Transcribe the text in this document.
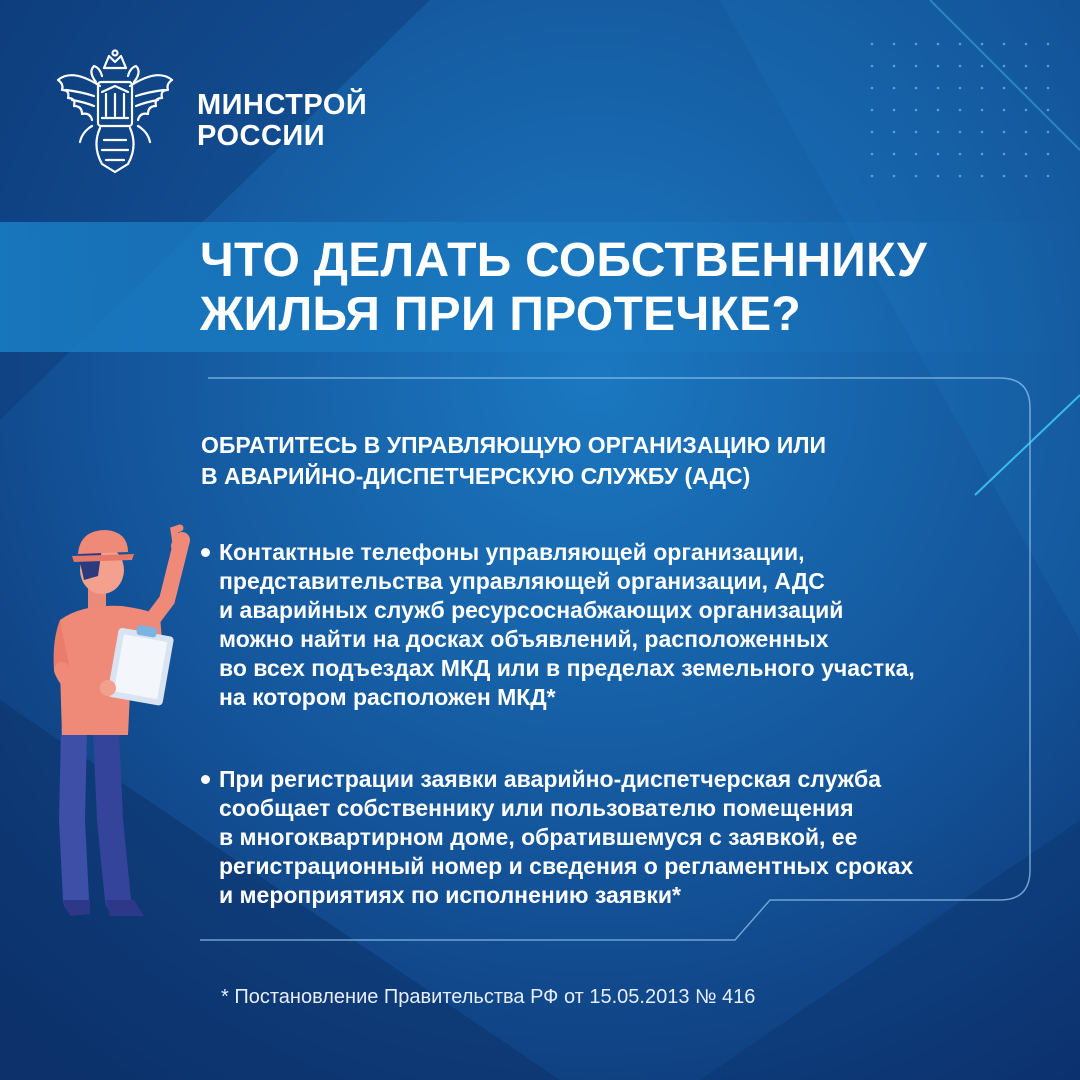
МИНСТРОЙ
РОССИИ
ЧТО ДЕЛАТЬ СОБСТВЕННИКУ
ЖИЛЬЯ ПРИ ПРОТЕЧКЕ?
ОБРАТИТЕСЬ В УПРАВЛЯЮЩУЮ ОРГАНИЗАЦИЮ ИЛИ
В АВАРИЙНО-ДИСПЕТЧЕРСКУЮ СЛУЖБУ (АДС)
Контактные телефоны управляющей организации,
представительства управляющей организации, АДС
и аварийных служб ресурсоснабжающих организаций
можно найти на досках объявлений, расположенных
во всех подъездах МКД или в пределах земельного участка,
на котором расположен МКД*
При регистрации заявки аварийно-диспетчерская служба
сообщает собственнику или пользователю помещения
в многоквартирном доме, обратившемуся с заявкой, ее
регистрационный номер и сведения о регламентных сроках
и мероприятиях по исполнению заявки*
* Постановление Правительства РФ от 15.05.2013 № 416
